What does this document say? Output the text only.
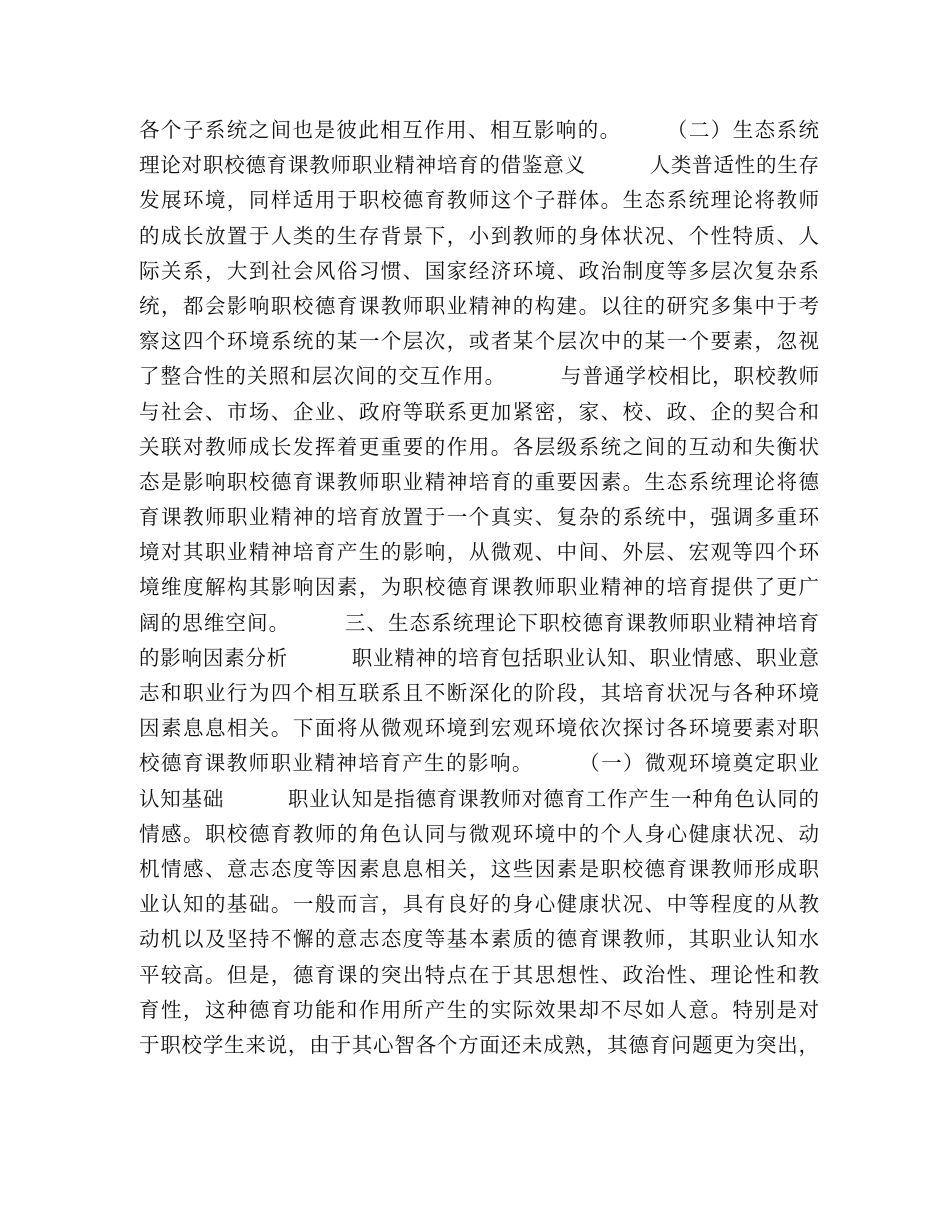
各个子系统之间也是彼此相互作用、相互影响的。　　　（二）生态系统
理论对职校德育课教师职业精神培育的借鉴意义　　　人类普适性的生存
发展环境，同样适用于职校德育教师这个子群体。生态系统理论将教师
的成长放置于人类的生存背景下，小到教师的身体状况、个性特质、人
际关系，大到社会风俗习惯、国家经济环境、政治制度等多层次复杂系
统，都会影响职校德育课教师职业精神的构建。以往的研究多集中于考
察这四个环境系统的某一个层次，或者某个层次中的某一个要素，忽视
了整合性的关照和层次间的交互作用。　　　与普通学校相比，职校教师
与社会、市场、企业、政府等联系更加紧密，家、校、政、企的契合和
关联对教师成长发挥着更重要的作用。各层级系统之间的互动和失衡状
态是影响职校德育课教师职业精神培育的重要因素。生态系统理论将德
育课教师职业精神的培育放置于一个真实、复杂的系统中，强调多重环
境对其职业精神培育产生的影响，从微观、中间、外层、宏观等四个环
境维度解构其影响因素，为职校德育课教师职业精神的培育提供了更广
阔的思维空间。　　　三、生态系统理论下职校德育课教师职业精神培育
的影响因素分析　　　职业精神的培育包括职业认知、职业情感、职业意
志和职业行为四个相互联系且不断深化的阶段，其培育状况与各种环境
因素息息相关。下面将从微观环境到宏观环境依次探讨各环境要素对职
校德育课教师职业精神培育产生的影响。　　　（一）微观环境奠定职业
认知基础　　　职业认知是指德育课教师对德育工作产生一种角色认同的
情感。职校德育教师的角色认同与微观环境中的个人身心健康状况、动
机情感、意志态度等因素息息相关，这些因素是职校德育课教师形成职
业认知的基础。一般而言，具有良好的身心健康状况、中等程度的从教
动机以及坚持不懈的意志态度等基本素质的德育课教师，其职业认知水
平较高。但是，德育课的突出特点在于其思想性、政治性、理论性和教
育性，这种德育功能和作用所产生的实际效果却不尽如人意。特别是对
于职校学生来说，由于其心智各个方面还未成熟，其德育问题更为突出，
